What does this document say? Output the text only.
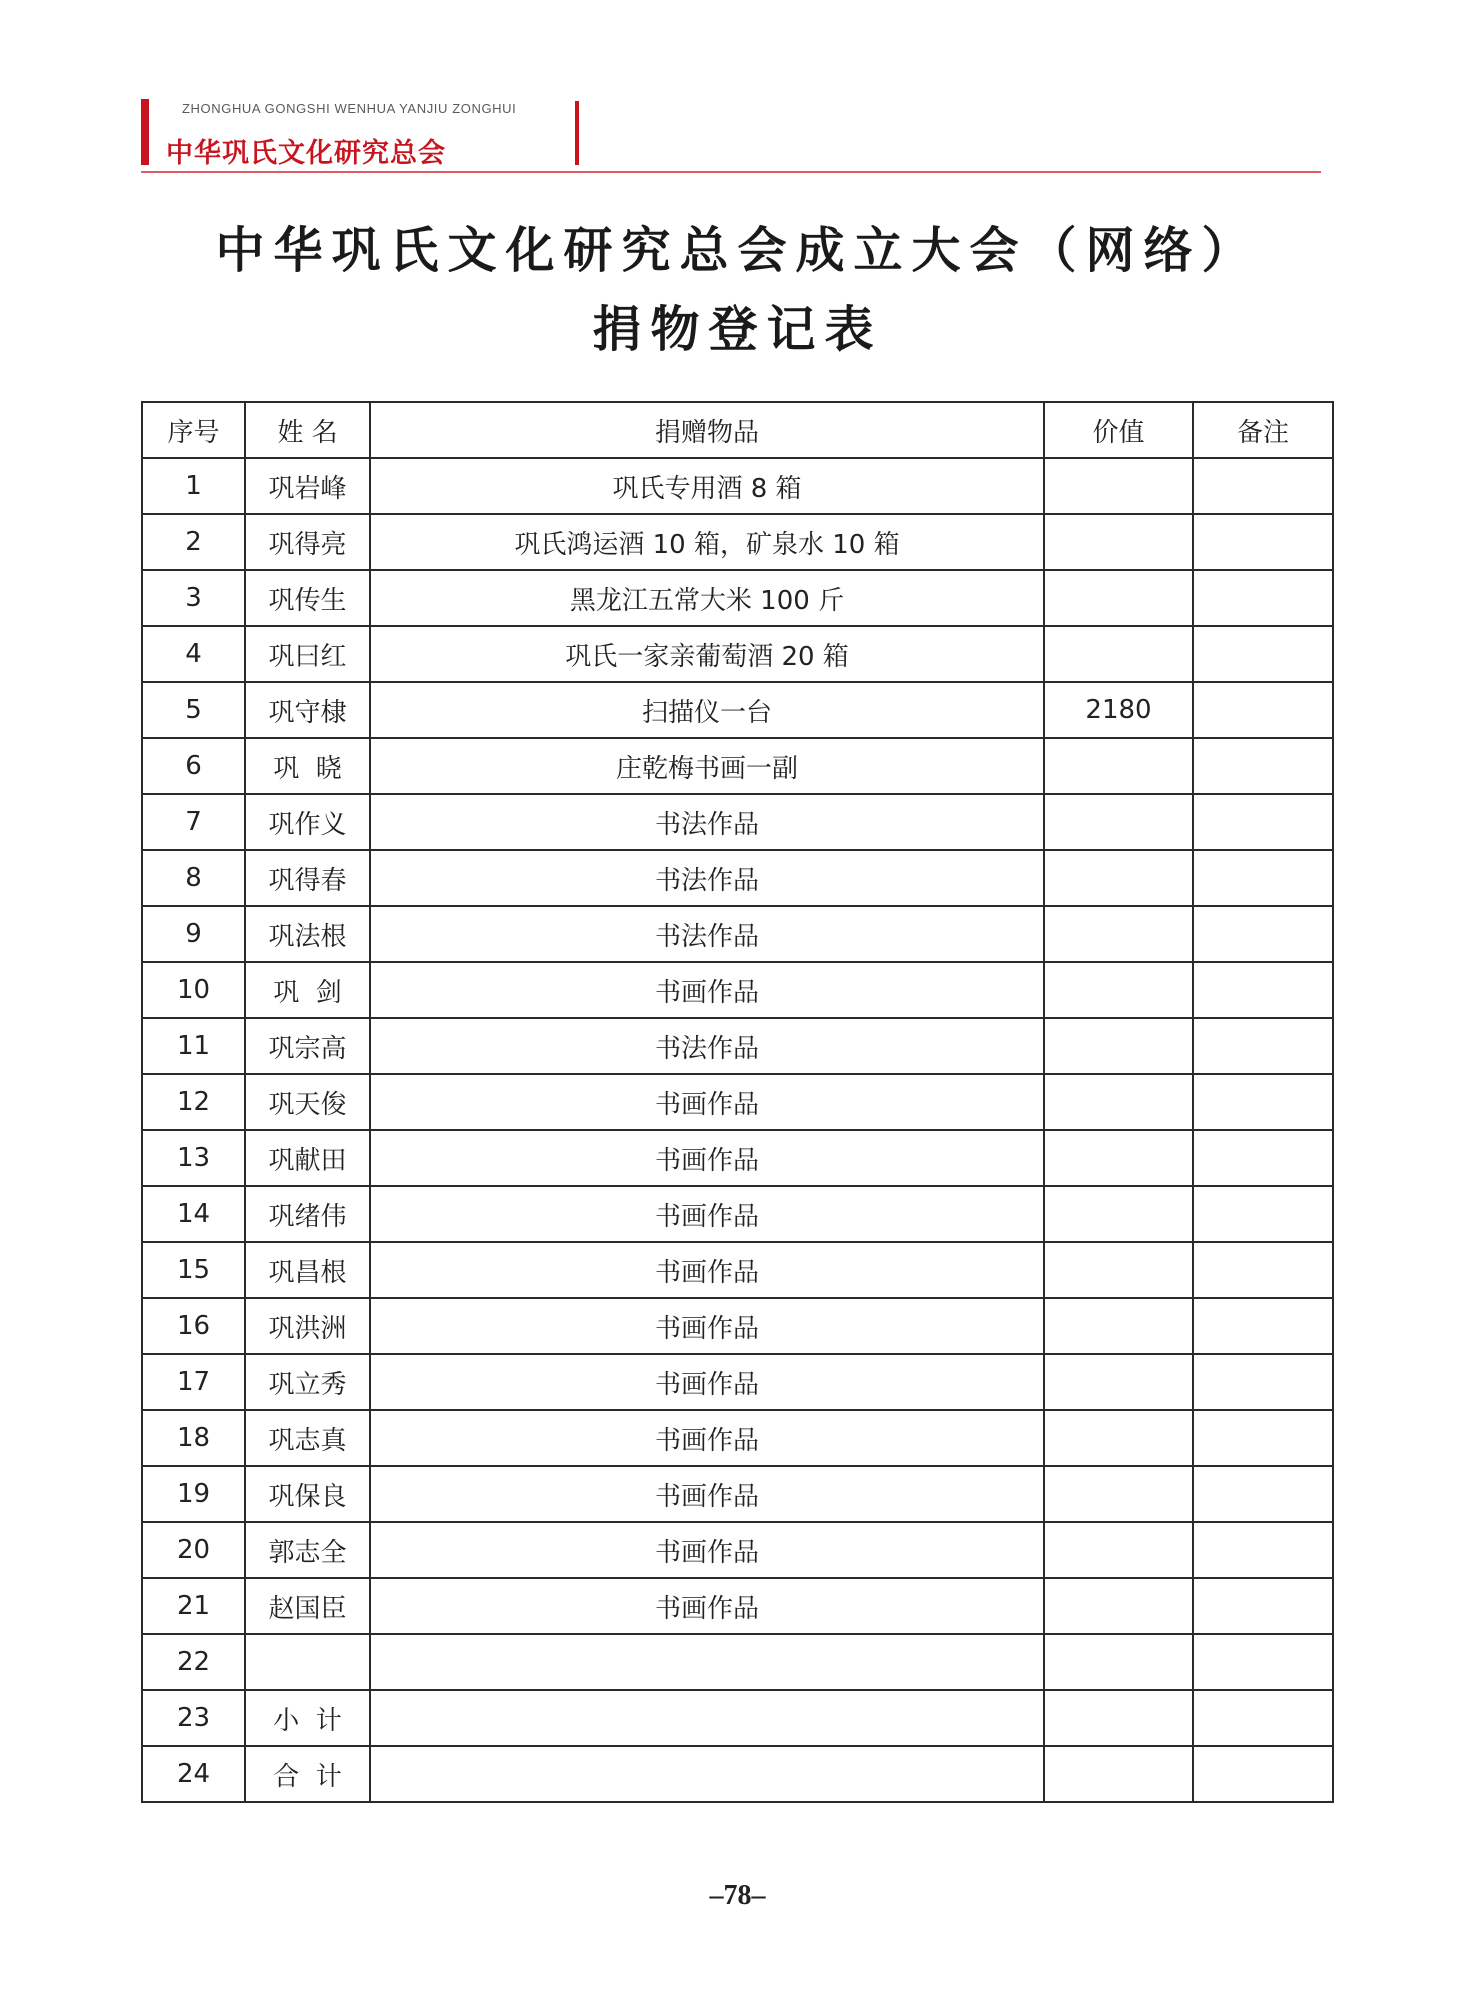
ZHONGHUA GONGSHI WENHUA YANJIU ZONGHUI
中华巩氏文化研究总会
中华巩氏文化研究总会成立大会（网络）
捐物登记表
序号	姓 名	捐赠物品	价值	备注
1	巩岩峰	巩氏专用酒 8 箱		
2	巩得亮	巩氏鸿运酒 10 箱，矿泉水 10 箱		
3	巩传生	黑龙江五常大米 100 斤		
4	巩曰红	巩氏一家亲葡萄酒 20 箱		
5	巩守棣	扫描仪一台	2180	
6	巩  晓	庄乾梅书画一副		
7	巩作义	书法作品		
8	巩得春	书法作品		
9	巩法根	书法作品		
10	巩  剑	书画作品		
11	巩宗高	书法作品		
12	巩天俊	书画作品		
13	巩献田	书画作品		
14	巩绪伟	书画作品		
15	巩昌根	书画作品		
16	巩洪洲	书画作品		
17	巩立秀	书画作品		
18	巩志真	书画作品		
19	巩保良	书画作品		
20	郭志全	书画作品		
21	赵国臣	书画作品		
22				
23	小  计			
24	合  计			
–78–
